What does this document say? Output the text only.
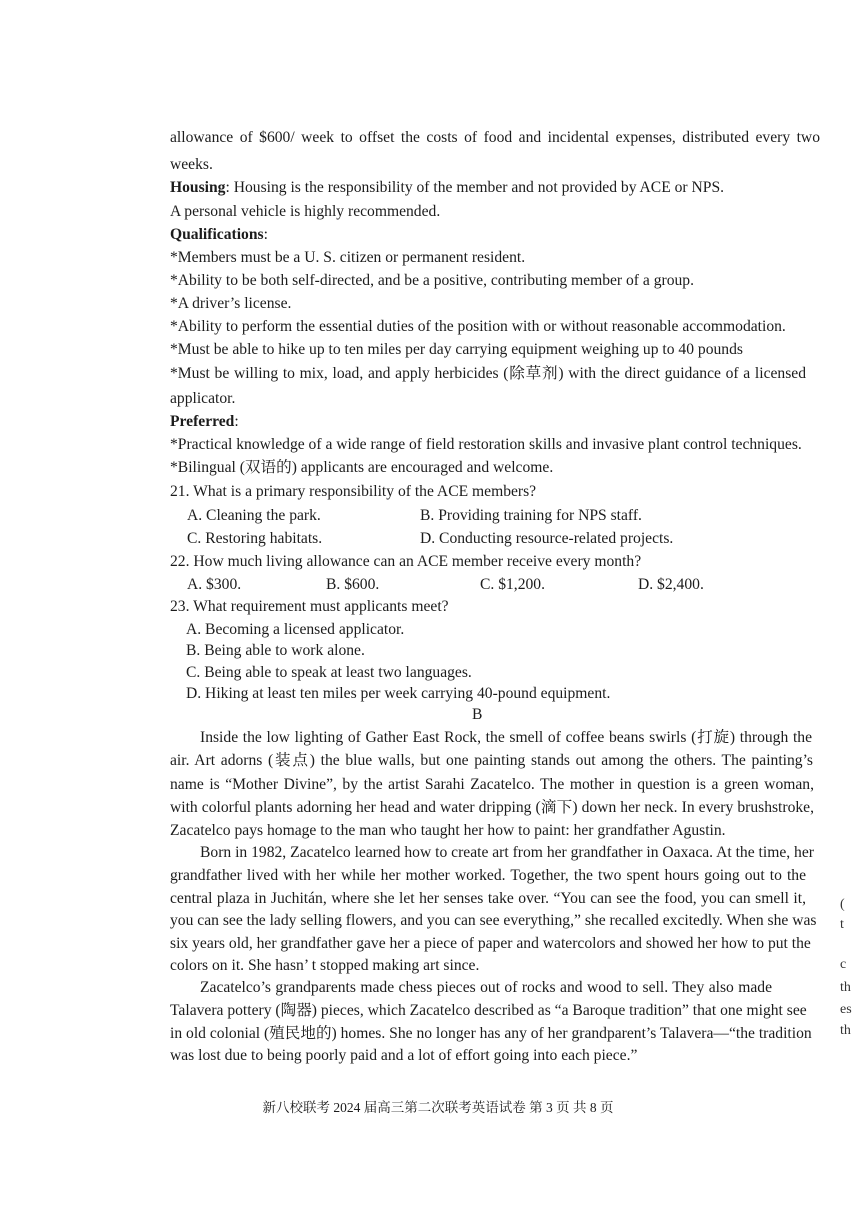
allowance of $600/ week to offset the costs of food and incidental expenses, distributed every two
weeks.
Housing: Housing is the responsibility of the member and not provided by ACE or NPS.
A personal vehicle is highly recommended.
Qualifications:
*Members must be a U. S. citizen or permanent resident.
*Ability to be both self-directed, and be a positive, contributing member of a group.
*A driver’s license.
*Ability to perform the essential duties of the position with or without reasonable accommodation.
*Must be able to hike up to ten miles per day carrying equipment weighing up to 40 pounds
*Must be willing to mix, load, and apply herbicides (除草剂) with the direct guidance of a licensed
applicator.
Preferred:
*Practical knowledge of a wide range of field restoration skills and invasive plant control techniques.
*Bilingual (双语的) applicants are encouraged and welcome.
21. What is a primary responsibility of the ACE members?
A. Cleaning the park.	B. Providing training for NPS staff.
C. Restoring habitats.	D. Conducting resource-related projects.
22. How much living allowance can an ACE member receive every month?
A. $300.	B. $600.	C. $1,200.	D. $2,400.
23. What requirement must applicants meet?
A. Becoming a licensed applicator.
B. Being able to work alone.
C. Being able to speak at least two languages.
D. Hiking at least ten miles per week carrying 40-pound equipment.
B
Inside the low lighting of Gather East Rock, the smell of coffee beans swirls (打旋) through the
air. Art adorns (装点) the blue walls, but one painting stands out among the others. The painting’s
name is “Mother Divine”, by the artist Sarahi Zacatelco. The mother in question is a green woman,
with colorful plants adorning her head and water dripping (滴下) down her neck. In every brushstroke,
Zacatelco pays homage to the man who taught her how to paint: her grandfather Agustin.
Born in 1982, Zacatelco learned how to create art from her grandfather in Oaxaca. At the time, her
grandfather lived with her while her mother worked. Together, the two spent hours going out to the
central plaza in Juchitán, where she let her senses take over. “You can see the food, you can smell it,
you can see the lady selling flowers, and you can see everything,” she recalled excitedly. When she was
six years old, her grandfather gave her a piece of paper and watercolors and showed her how to put the
colors on it. She hasn’ t stopped making art since.
Zacatelco’s grandparents made chess pieces out of rocks and wood to sell. They also made
Talavera pottery (陶器) pieces, which Zacatelco described as “a Baroque tradition” that one might see
in old colonial (殖民地的) homes. She no longer has any of her grandparent’s Talavera—“the tradition
was lost due to being poorly paid and a lot of effort going into each piece.”
(
t
c
th
es
th
新八校联考 2024 届高三第二次联考英语试卷 第 3 页 共 8 页
